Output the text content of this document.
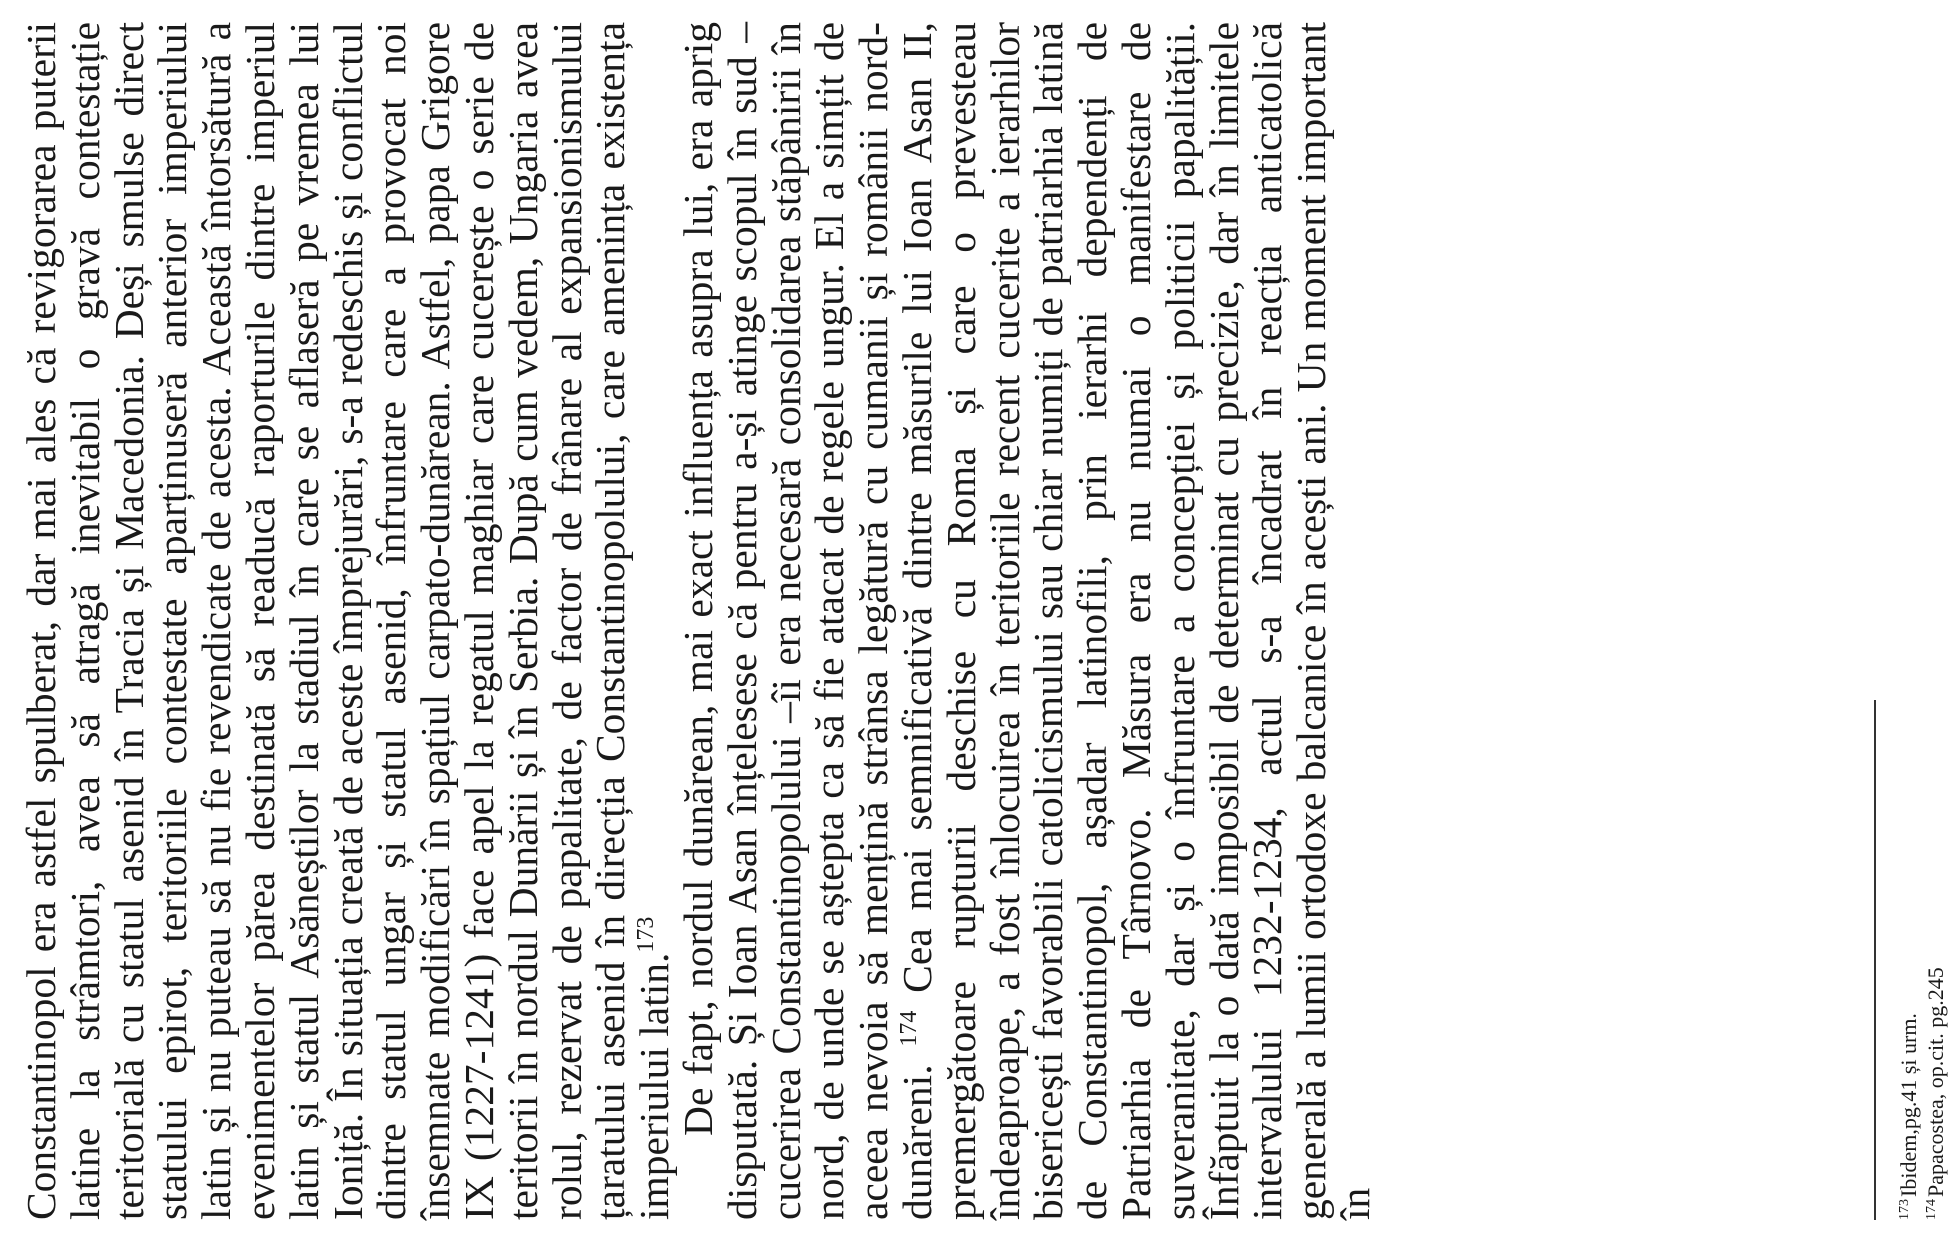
Constantinopol era astfel spulberat, dar mai ales că revigorarea puterii latine la strâmtori, avea să atragă inevitabil o gravă contestație teritorială cu statul asenid în Tracia și Macedonia. Deși smulse direct statului epirot, teritoriile contestate aparținuseră anterior imperiului latin și nu puteau să nu fie revendicate de acesta. Această întorsătură a evenimentelor părea destinată să readucă raporturile dintre imperiul latin și statul Asăneștilor la stadiul în care se aflaseră pe vremea lui Ioniță. În situația creată de aceste împrejurări, s-a redeschis și conflictul dintre statul ungar și statul asenid, înfruntare care a provocat noi însemnate modificări în spațiul carpato-dunărean. Astfel, papa Grigore IX (1227-1241) face apel la regatul maghiar care cucerește o serie de teritorii în nordul Dunării și în Serbia. După cum vedem, Ungaria avea rolul, rezervat de papalitate, de factor de frânare al expansionismului țaratului asenid în direcția Constantinopolului, care amenința existența imperiului latin.$^{173}$ De fapt, nordul dunărean, mai exact influența asupra lui, era aprig disputată. Și Ioan Asan înțelesese că pentru a-și atinge scopul în sud –cucerirea Constantinopolului –îi era necesară consolidarea stăpânirii în nord, de unde se aștepta ca să fie atacat de regele ungur. El a simțit de aceea nevoia să mențină strânsa legătură cu cumanii și românii nord-dunăreni. $^{174}$ Cea mai semnificativă dintre măsurile lui Ioan Asan II, premergătoare rupturii deschise cu Roma și care o prevesteau îndeaproape, a fost înlocuirea în teritoriile recent cucerite a ierarhilor bisericești favorabili catolicismului sau chiar numiți de patriarhia latină de Constantinopol, așadar latinofili, prin ierarhi dependenți de Patriarhia de Târnovo. Măsura era nu numai o manifestare de suveranitate, dar și o înfruntare a concepției și politicii papalității. Înfăptuit la o dată imposibil de determinat cu precizie, dar în limitele intervalului 1232-1234, actul s-a încadrat în reacția anticatolică generală a lumii ortodoxe balcanice în acești ani. Un moment important în	$^{173}$Ibidem,pg.41 și urm.

$^{174}$Papacostea, op.cit. pg.245
